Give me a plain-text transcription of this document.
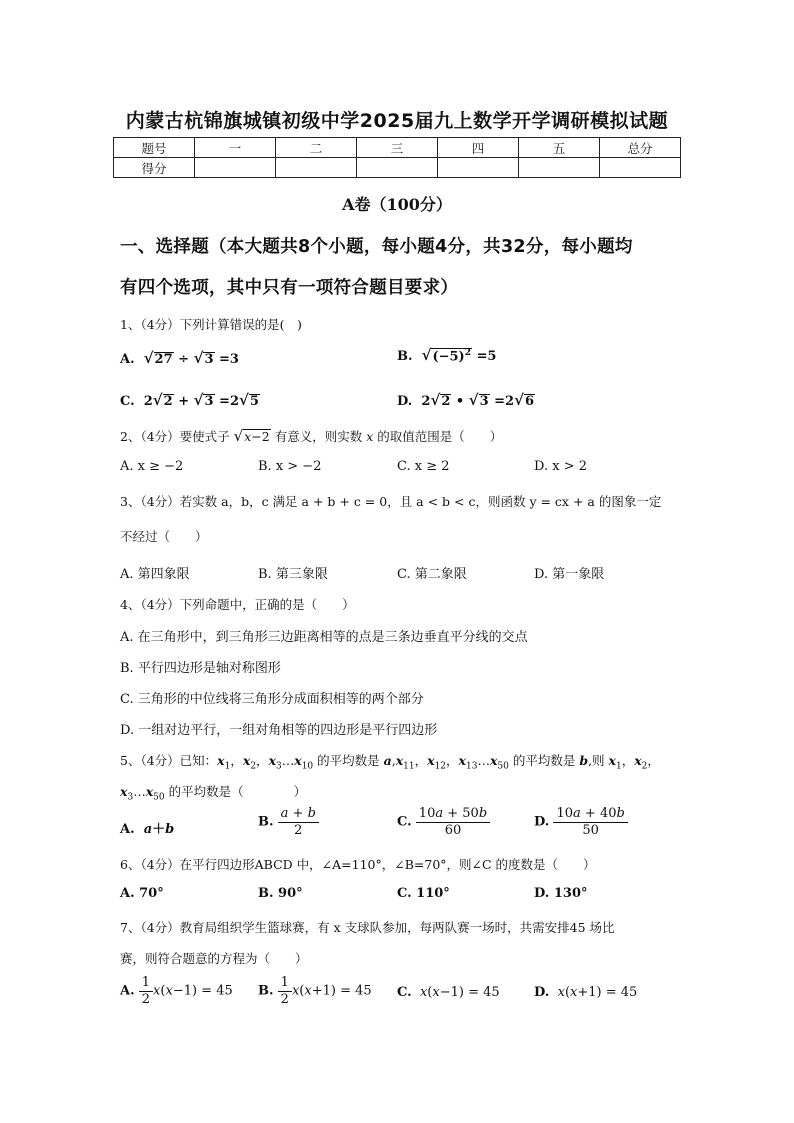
内蒙古杭锦旗城镇初级中学2025届九上数学开学调研模拟试题
题号	一	二	三	四	五	总分
得分						
A卷（100分）
一、选择题（本大题共8个小题，每小题4分，共32分，每小题均
有四个选项，其中只有一项符合题目要求）
1、（4分）下列计算错误的是(　)
A. √27 ÷ √3 =3	B. $√(-5)^2 =5$
C.  2√2 + √3 =2√5	D.  2√2 • √3 =2√6
2、（4分）要使式子 √x−2 有意义，则实数 x 的取值范围是（　　）
A. x ≥ −2	B. x > −2	C. x ≥ 2	D. x > 2
3、（4分）若实数 a，b，c 满足 a + b + c = 0，且 a < b < c，则函数 y = cx + a 的图象一定
不经过（　　）
A. 第四象限	B. 第三象限	C. 第二象限	D. 第一象限
4、（4分）下列命题中，正确的是（　　）
A. 在三角形中，到三角形三边距离相等的点是三条边垂直平分线的交点
B. 平行四边形是轴对称图形
C. 三角形的中位线将三角形分成面积相等的两个部分
D. 一组对边平行，一组对角相等的四边形是平行四边形
5、（4分）已知：$x_1$，$x_2$，$x_3\dots x_{10}$ 的平均数是 $a,x_{11}$，$x_{12}$，$x_{13}\dots x_{50}$ 的平均数是 b,则 $x_1$，$x_2$，
$x_3\dots x_{50}$ 的平均数是（　　　　）
A. a＋b	B. $\frac{a + b}{2}$	C. $\frac{10a + 50b}{60}$	D. $\frac{10a + 40b}{50}$
6、（4分）在平行四边形ABCD 中，∠A=110°，∠B=70°，则∠C 的度数是（　　）
A. 70°	B. 90°	C. 110°	D. 130°
7、（4分）教育局组织学生篮球赛，有 x 支球队参加，每两队赛一场时，共需安排45 场比
赛，则符合题意的方程为（　　）
A. $\frac{1}{2} x(x-1) = 45$ B. $\frac{1}{2} x(x+1) = 45$ C. x(x−1) = 45	D. x(x+1) = 45
